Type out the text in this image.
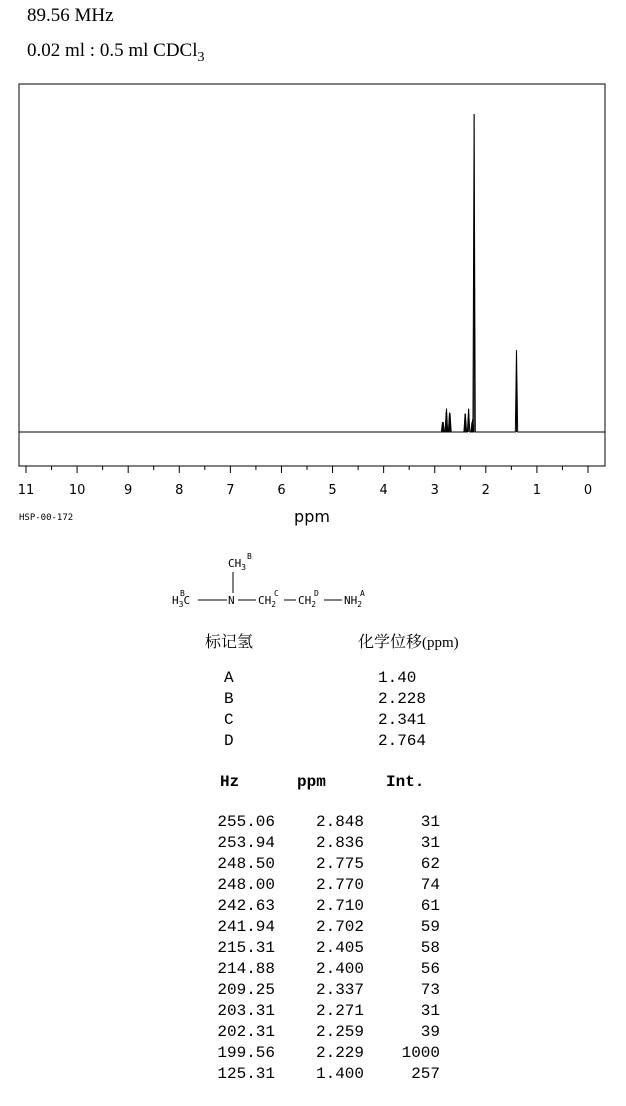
89.56 MHz
0.02 ml : 0.5 ml CDCl$_3$
11	10	9	8	7	6	5	4	3	2	1	0
ppm
HSP-00-172
$CH_3$
B
$H_3C$
B
N $CH_2$
C
$CH_2$
D
$NH_2$
A
标记氢	化学位移(ppm)
A	1.40
B	2.228
C	2.341
D	2.764
Hz	ppm	Int.
255.06	2.848	31
253.94	2.836	31
248.50	2.775	62
248.00	2.770	74
242.63	2.710	61
241.94	2.702	59
215.31	2.405	58
214.88	2.400	56
209.25	2.337	73
203.31	2.271	31
202.31	2.259	39
199.56	2.229 1000
125.31	1.400	257
